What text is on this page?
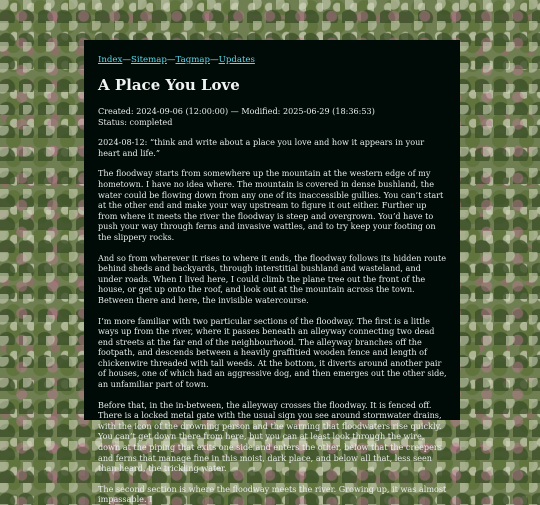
Index—Sitemap—Tagmap—Updates
A Place You Love
Created: 2024-09-06 (12:00:00) — Modified: 2025-06-29 (18:36:53)
Status: completed

2024-08-12: “think and write about a place you love and how it appears in your heart and life.”

The floodway starts from somewhere up the mountain at the western edge of my hometown. I have no idea where. The mountain is covered in dense bushland, the water could be flowing down from any one of its inaccessible gullies. You can’t start at the other end and make your way upstream to figure it out either. Further up from where it meets the river the floodway is steep and overgrown. You’d have to push your way through ferns and invasive wattles, and to try keep your footing on the slippery rocks.

And so from wherever it rises to where it ends, the floodway follows its hidden route behind sheds and backyards, through interstitial bushland and wasteland, and under roads. When I lived here, I could climb the plane tree out the front of the house, or get up onto the roof, and look out at the mountain across the town. Between there and here, the invisible watercourse.

I’m more familiar with two particular sections of the floodway. The first is a little ways up from the river, where it passes beneath an alleyway connecting two dead end streets at the far end of the neighbourhood. The alleyway branches off the footpath, and descends between a heavily graffitied wooden fence and length of chickenwire threaded with tall weeds. At the bottom, it diverts around another pair of houses, one of which had an aggressive dog, and then emerges out the other side, an unfamiliar part of town.

Before that, in the in-between, the alleyway crosses the floodway. It is fenced off. There is a locked metal gate with the usual sign you see around stormwater drains, with the icon of the drowning person and the warning that floodwaters rise quickly. You can’t get down there from here, but you can at least look through the wire, down at the piping that exits one side and enters the other, below that the creepers and ferns that manage fine in this moist, dark place, and below all that, less seen than heard, the trickling water.

The second section is where the floodway meets the river. Growing up, it was almost impassable. I
